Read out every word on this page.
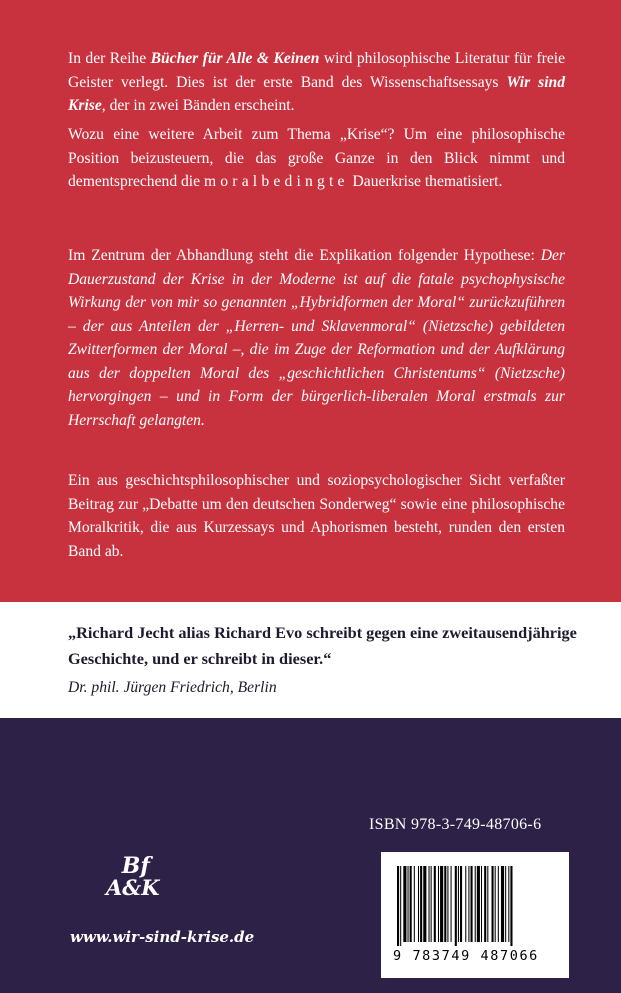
In der Reihe Bücher für Alle & Keinen wird philosophische Literatur für freie Geister verlegt. Dies ist der erste Band des Wissenschaftsessays Wir sind Krise, der in zwei Bänden erscheint.

Wozu eine weitere Arbeit zum Thema „Krise“? Um eine philosophische Position beizusteuern, die das große Ganze in den Blick nimmt und dementsprechend die moralbedingte Dauerkrise thematisiert.

Im Zentrum der Abhandlung steht die Explikation folgender Hypothese: Der Dauerzustand der Krise in der Moderne ist auf die fatale psychophysische Wirkung der von mir so genannten „Hybridformen der Moral“ zurückzuführen – der aus Anteilen der „Herren- und Sklavenmoral“ (Nietzsche) gebildeten Zwitterformen der Moral –, die im Zuge der Reformation und der Aufklärung aus der doppelten Moral des „geschichtlichen Christentums“ (Nietzsche) hervorgingen – und in Form der bürgerlich-liberalen Moral erstmals zur Herrschaft gelangten.

Ein aus geschichtsphilosophischer und soziopsychologischer Sicht verfaßter Beitrag zur „Debatte um den deutschen Sonderweg“ sowie eine philosophische Moralkritik, die aus Kurzessays und Aphorismen besteht, runden den ersten Band ab.

„Richard Jecht alias Richard Evo schreibt gegen eine zweitausendjährige Geschichte, und er schreibt in dieser.“

Dr. phil. Jürgen Friedrich, Berlin

ISBN 978-3-749-48706-6
9 783749 487066
Bf
A&K
www.wir-sind-krise.de
